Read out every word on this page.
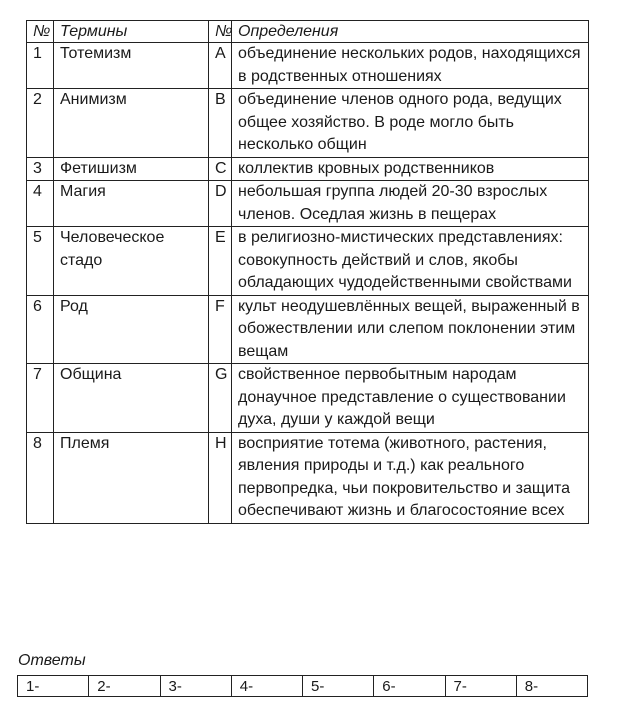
№	Термины	№	Определения
1	Тотемизм	A	объединение нескольких родов, находящихся в родственных отношениях
2	Анимизм	B	объединение членов одного рода, ведущих общее хозяйство. В роде могло быть несколько общин
3	Фетишизм	C	коллектив кровных родственников
4	Магия	D	небольшая группа людей 20-30 взрослых членов. Оседлая жизнь в пещерах
5	Человеческое стадо	E	в религиозно-мистических представлениях: совокупность действий и слов, якобы обладающих чудодейственными свойствами
6	Род	F	культ неодушевлённых вещей, выраженный в обожествлении или слепом поклонении этим вещам
7	Община	G	свойственное первобытным народам донаучное представление о существовании духа, души у каждой вещи
8	Племя	H	восприятие тотема (животного, растения, явления природы и т.д.) как реального первопредка, чьи покровительство и защита обеспечивают жизнь и благосостояние всех
Ответы
1-	2-	3-	4-	5-	6-	7-	8-
